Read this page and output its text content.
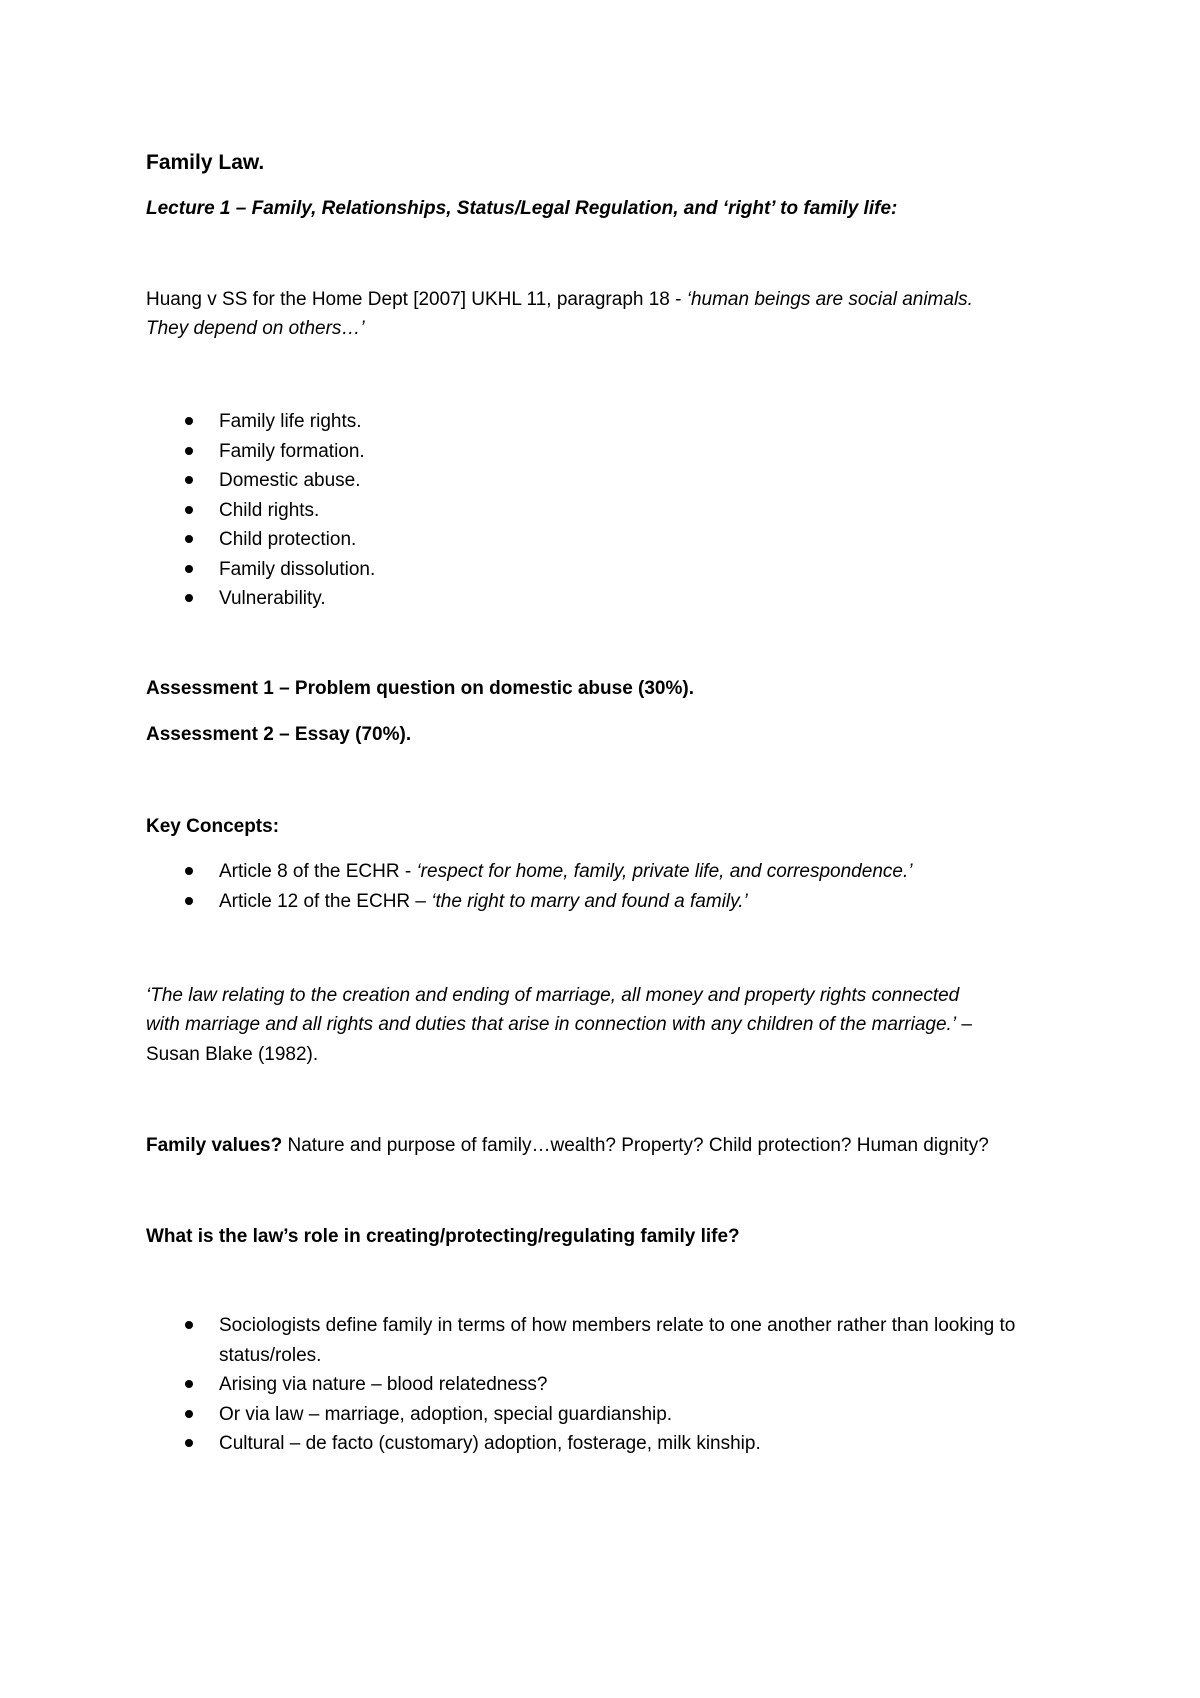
Family Law.
Lecture 1 – Family, Relationships, Status/Legal Regulation, and ‘right’ to family life:
Huang v SS for the Home Dept [2007] UKHL 11, paragraph 18 - ‘human beings are social animals.
They depend on others…’
Family life rights.
Family formation.
Domestic abuse.
Child rights.
Child protection.
Family dissolution.
Vulnerability.
Assessment 1 – Problem question on domestic abuse (30%).
Assessment 2 – Essay (70%).
Key Concepts:
Article 8 of the ECHR - ‘respect for home, family, private life, and correspondence.’
Article 12 of the ECHR – ‘the right to marry and found a family.’
‘The law relating to the creation and ending of marriage, all money and property rights connected
with marriage and all rights and duties that arise in connection with any children of the marriage.’ –
Susan Blake (1982).
Family values? Nature and purpose of family…wealth? Property? Child protection? Human dignity?
What is the law’s role in creating/protecting/regulating family life?
Sociologists define family in terms of how members relate to one another rather than looking to status/roles.
Arising via nature – blood relatedness?
Or via law – marriage, adoption, special guardianship.
Cultural – de facto (customary) adoption, fosterage, milk kinship.
